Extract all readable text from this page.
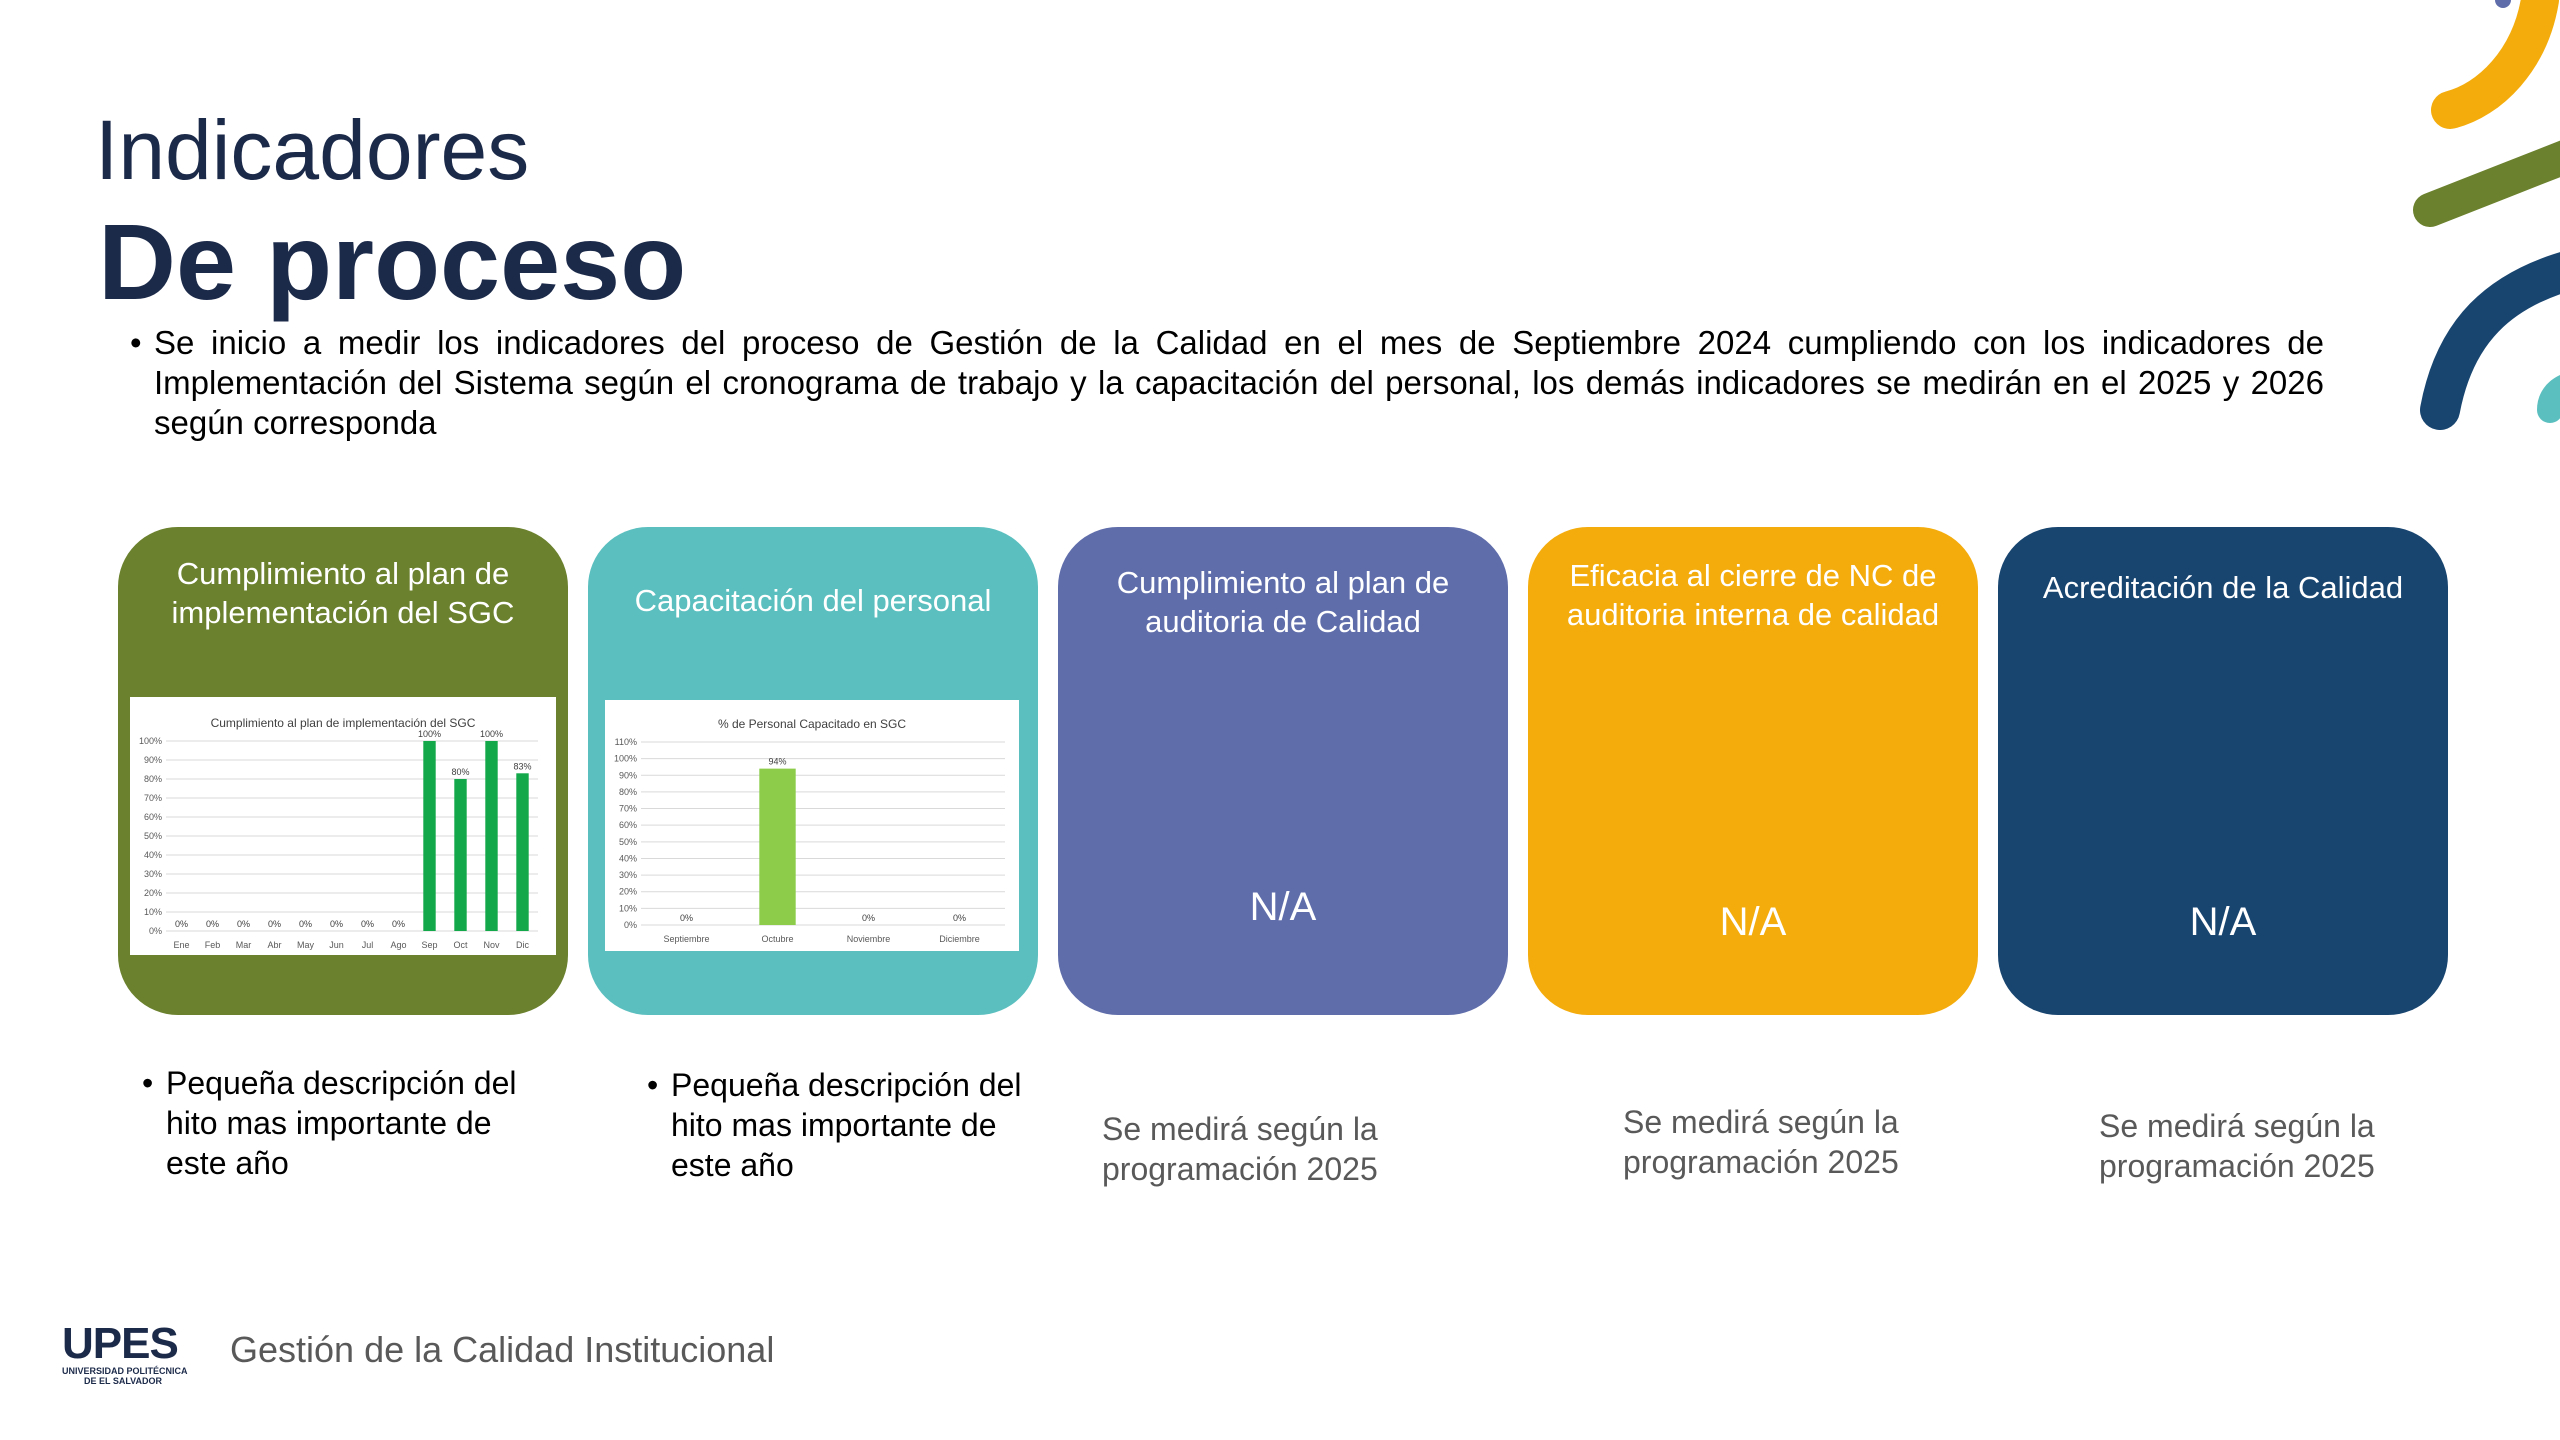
Indicadores
De proceso
• Se inicio a medir los indicadores del proceso de Gestión de la Calidad en el mes de Septiembre 2024 cumpliendo con los indicadores de Implementación del Sistema según el cronograma de trabajo y la capacitación del personal, los demás indicadores se medirán en el 2025 y 2026 según corresponda
Cumplimiento al plan de implementación del SGC
Cumplimiento al plan de implementación del SGC
0%
10%
20%
30%
40%
50%
60%
70%
80%
90%
100%
0%
Ene
0%
Feb
0%
Mar
0%
Abr
0%
May
0%
Jun
0%
Jul
0%
Ago
100%
Sep
80%
Oct
100%
Nov
83%
Dic
Capacitación del personal
% de Personal Capacitado en SGC
0%
10%
20%
30%
40%
50%
60%
70%
80%
90%
100%
110%
0%
Septiembre
94%
Octubre
0%
Noviembre
0%
Diciembre
Cumplimiento al plan de auditoria de Calidad
N/A
Eficacia al cierre de NC de auditoria interna de calidad
N/A
Acreditación de la Calidad
N/A
• Pequeña descripción del hito mas importante de este año
• Pequeña descripción del hito mas importante de este año
Se medirá según la programación 2025
Se medirá según la programación 2025
Se medirá según la programación 2025
UPES
UNIVERSIDAD POLITÉCNICA
DE EL SALVADOR
Gestión de la Calidad Institucional
